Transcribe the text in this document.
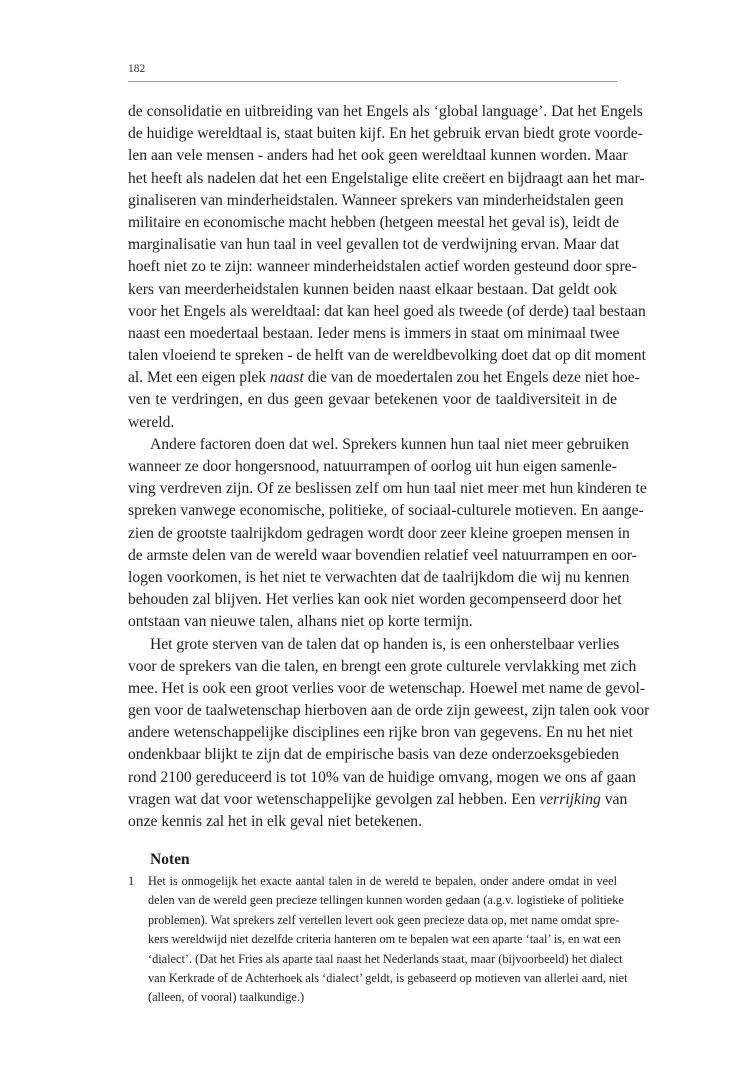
182
de consolidatie en uitbreiding van het Engels als ‘global language’. Dat het Engels
de huidige wereldtaal is, staat buiten kijf. En het gebruik ervan biedt grote voorde-
len aan vele mensen - anders had het ook geen wereldtaal kunnen worden. Maar
het heeft als nadelen dat het een Engelstalige elite creëert en bijdraagt aan het mar-
ginaliseren van minderheidstalen. Wanneer sprekers van minderheidstalen geen
militaire en economische macht hebben (hetgeen meestal het geval is), leidt de
marginalisatie van hun taal in veel gevallen tot de verdwijning ervan. Maar dat
hoeft niet zo te zijn: wanneer minderheidstalen actief worden gesteund door spre-
kers van meerderheidstalen kunnen beiden naast elkaar bestaan. Dat geldt ook
voor het Engels als wereldtaal: dat kan heel goed als tweede (of derde) taal bestaan
naast een moedertaal bestaan. Ieder mens is immers in staat om minimaal twee
talen vloeiend te spreken - de helft van de wereldbevolking doet dat op dit moment
al. Met een eigen plek naast die van de moedertalen zou het Engels deze niet hoe-
ven te verdringen, en dus geen gevaar betekenen voor de taaldiversiteit in de
wereld.
Andere factoren doen dat wel. Sprekers kunnen hun taal niet meer gebruiken
wanneer ze door hongersnood, natuurrampen of oorlog uit hun eigen samenle-
ving verdreven zijn. Of ze beslissen zelf om hun taal niet meer met hun kinderen te
spreken vanwege economische, politieke, of sociaal-culturele motieven. En aange-
zien de grootste taalrijkdom gedragen wordt door zeer kleine groepen mensen in
de armste delen van de wereld waar bovendien relatief veel natuurrampen en oor-
logen voorkomen, is het niet te verwachten dat de taalrijkdom die wij nu kennen
behouden zal blijven. Het verlies kan ook niet worden gecompenseerd door het
ontstaan van nieuwe talen, alhans niet op korte termijn.
Het grote sterven van de talen dat op handen is, is een onherstelbaar verlies
voor de sprekers van die talen, en brengt een grote culturele vervlakking met zich
mee. Het is ook een groot verlies voor de wetenschap. Hoewel met name de gevol-
gen voor de taalwetenschap hierboven aan de orde zijn geweest, zijn talen ook voor
andere wetenschappelijke disciplines een rijke bron van gegevens. En nu het niet
ondenkbaar blijkt te zijn dat de empirische basis van deze onderzoeksgebieden
rond 2100 gereduceerd is tot 10% van de huidige omvang, mogen we ons af gaan
vragen wat dat voor wetenschappelijke gevolgen zal hebben. Een verrijking van
onze kennis zal het in elk geval niet betekenen.
Noten
1 Het is onmogelijk het exacte aantal talen in de wereld te bepalen, onder andere omdat in veel
delen van de wereld geen precieze tellingen kunnen worden gedaan (a.g.v. logistieke of politieke
problemen). Wat sprekers zelf vertellen levert ook geen precieze data op, met name omdat spre-
kers wereldwijd niet dezelfde criteria hanteren om te bepalen wat een aparte ‘taal’ is, en wat een
‘dialect’. (Dat het Fries als aparte taal naast het Nederlands staat, maar (bijvoorbeeld) het dialect
van Kerkrade of de Achterhoek als ‘dialect’ geldt, is gebaseerd op motieven van allerlei aard, niet
(alleen, of vooral) taalkundige.)
